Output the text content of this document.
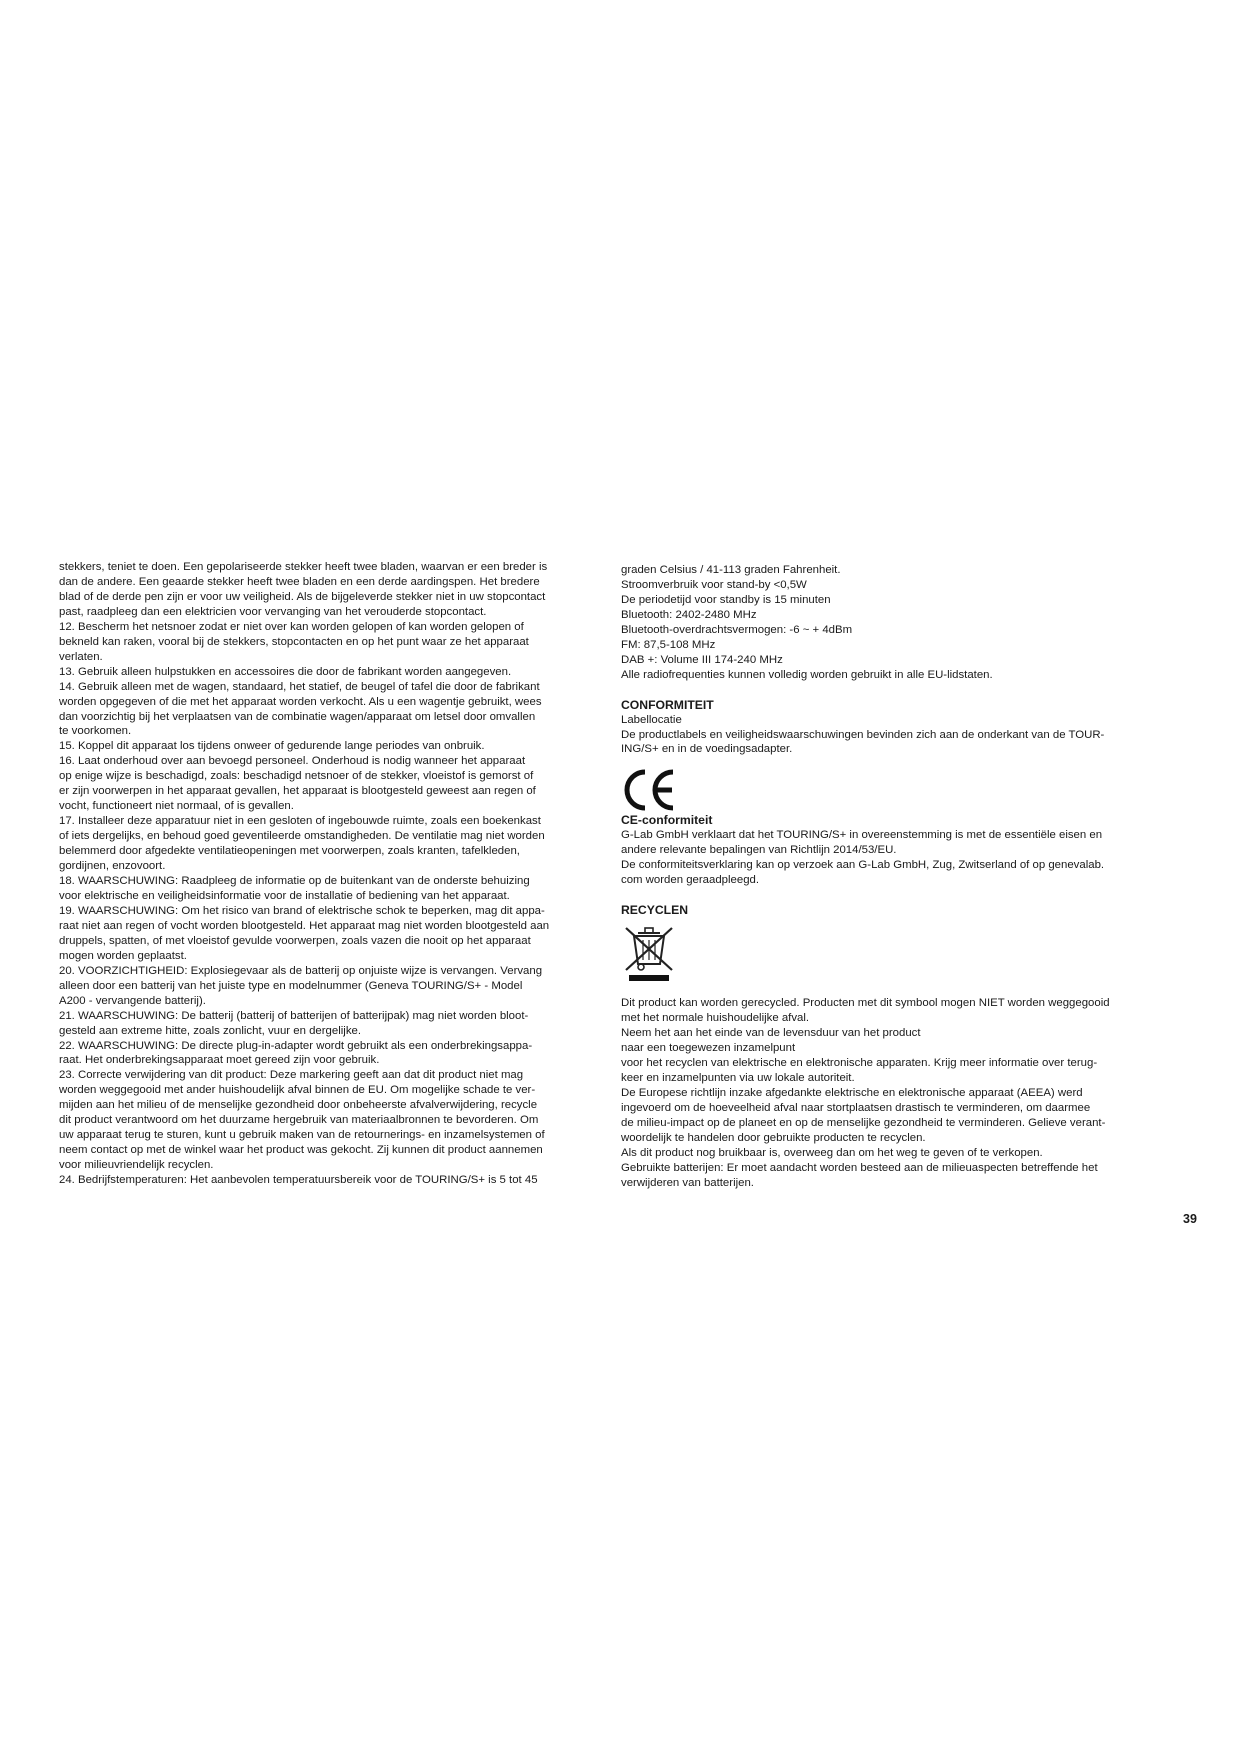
stekkers, teniet te doen. Een gepolariseerde stekker heeft twee bladen, waarvan er een breder is
dan de andere. Een geaarde stekker heeft twee bladen en een derde aardingspen. Het bredere
blad of de derde pen zijn er voor uw veiligheid. Als de bijgeleverde stekker niet in uw stopcontact
past, raadpleeg dan een elektricien voor vervanging van het verouderde stopcontact.
12. Bescherm het netsnoer zodat er niet over kan worden gelopen of kan worden gelopen of
bekneld kan raken, vooral bij de stekkers, stopcontacten en op het punt waar ze het apparaat
verlaten.
13. Gebruik alleen hulpstukken en accessoires die door de fabrikant worden aangegeven.
14. Gebruik alleen met de wagen, standaard, het statief, de beugel of tafel die door de fabrikant
worden opgegeven of die met het apparaat worden verkocht. Als u een wagentje gebruikt, wees
dan voorzichtig bij het verplaatsen van de combinatie wagen/apparaat om letsel door omvallen
te voorkomen.
15. Koppel dit apparaat los tijdens onweer of gedurende lange periodes van onbruik.
16. Laat onderhoud over aan bevoegd personeel. Onderhoud is nodig wanneer het apparaat
op enige wijze is beschadigd, zoals: beschadigd netsnoer of de stekker, vloeistof is gemorst of
er zijn voorwerpen in het apparaat gevallen, het apparaat is blootgesteld geweest aan regen of
vocht, functioneert niet normaal, of is gevallen.
17. Installeer deze apparatuur niet in een gesloten of ingebouwde ruimte, zoals een boekenkast
of iets dergelijks, en behoud goed geventileerde omstandigheden. De ventilatie mag niet worden
belemmerd door afgedekte ventilatieopeningen met voorwerpen, zoals kranten, tafelkleden,
gordijnen, enzovoort.
18. WAARSCHUWING: Raadpleeg de informatie op de buitenkant van de onderste behuizing
voor elektrische en veiligheidsinformatie voor de installatie of bediening van het apparaat.
19. WAARSCHUWING: Om het risico van brand of elektrische schok te beperken, mag dit appa-
raat niet aan regen of vocht worden blootgesteld. Het apparaat mag niet worden blootgesteld aan
druppels, spatten, of met vloeistof gevulde voorwerpen, zoals vazen die nooit op het apparaat
mogen worden geplaatst.
20. VOORZICHTIGHEID: Explosiegevaar als de batterij op onjuiste wijze is vervangen. Vervang
alleen door een batterij van het juiste type en modelnummer (Geneva TOURING/S+ - Model
A200 - vervangende batterij).
21. WAARSCHUWING: De batterij (batterij of batterijen of batterijpak) mag niet worden bloot-
gesteld aan extreme hitte, zoals zonlicht, vuur en dergelijke.
22. WAARSCHUWING: De directe plug-in-adapter wordt gebruikt als een onderbrekingsappa-
raat. Het onderbrekingsapparaat moet gereed zijn voor gebruik.
23. Correcte verwijdering van dit product: Deze markering geeft aan dat dit product niet mag
worden weggegooid met ander huishoudelijk afval binnen de EU. Om mogelijke schade te ver-
mijden aan het milieu of de menselijke gezondheid door onbeheerste afvalverwijdering, recycle
dit product verantwoord om het duurzame hergebruik van materiaalbronnen te bevorderen. Om
uw apparaat terug te sturen, kunt u gebruik maken van de retournerings- en inzamelsystemen of
neem contact op met de winkel waar het product was gekocht. Zij kunnen dit product aannemen
voor milieuvriendelijk recyclen.
24. Bedrijfstemperaturen: Het aanbevolen temperatuursbereik voor de TOURING/S+ is 5 tot 45
graden Celsius / 41-113 graden Fahrenheit.
Stroomverbruik voor stand-by <0,5W
De periodetijd voor standby is 15 minuten
Bluetooth: 2402-2480 MHz
Bluetooth-overdrachtsvermogen: -6 ~ + 4dBm
FM: 87,5-108 MHz
DAB +: Volume III 174-240 MHz
Alle radiofrequenties kunnen volledig worden gebruikt in alle EU-lidstaten.
CONFORMITEIT
Labellocatie
De productlabels en veiligheidswaarschuwingen bevinden zich aan de onderkant van de TOUR-
ING/S+ en in de voedingsadapter.
CE-conformiteit
G-Lab GmbH verklaart dat het TOURING/S+ in overeenstemming is met de essentiële eisen en
andere relevante bepalingen van Richtlijn 2014/53/EU.
De conformiteitsverklaring kan op verzoek aan G-Lab GmbH, Zug, Zwitserland of op genevalab.
com worden geraadpleegd.
RECYCLEN
Dit product kan worden gerecycled. Producten met dit symbool mogen NIET worden weggegooid
met het normale huishoudelijke afval.
Neem het aan het einde van de levensduur van het product
naar een toegewezen inzamelpunt
voor het recyclen van elektrische en elektronische apparaten. Krijg meer informatie over terug-
keer en inzamelpunten via uw lokale autoriteit.
De Europese richtlijn inzake afgedankte elektrische en elektronische apparaat (AEEA) werd
ingevoerd om de hoeveelheid afval naar stortplaatsen drastisch te verminderen, om daarmee
de milieu-impact op de planeet en op de menselijke gezondheid te verminderen. Gelieve verant-
woordelijk te handelen door gebruikte producten te recyclen.
Als dit product nog bruikbaar is, overweeg dan om het weg te geven of te verkopen.
Gebruikte batterijen: Er moet aandacht worden besteed aan de milieuaspecten betreffende het
verwijderen van batterijen.
39
